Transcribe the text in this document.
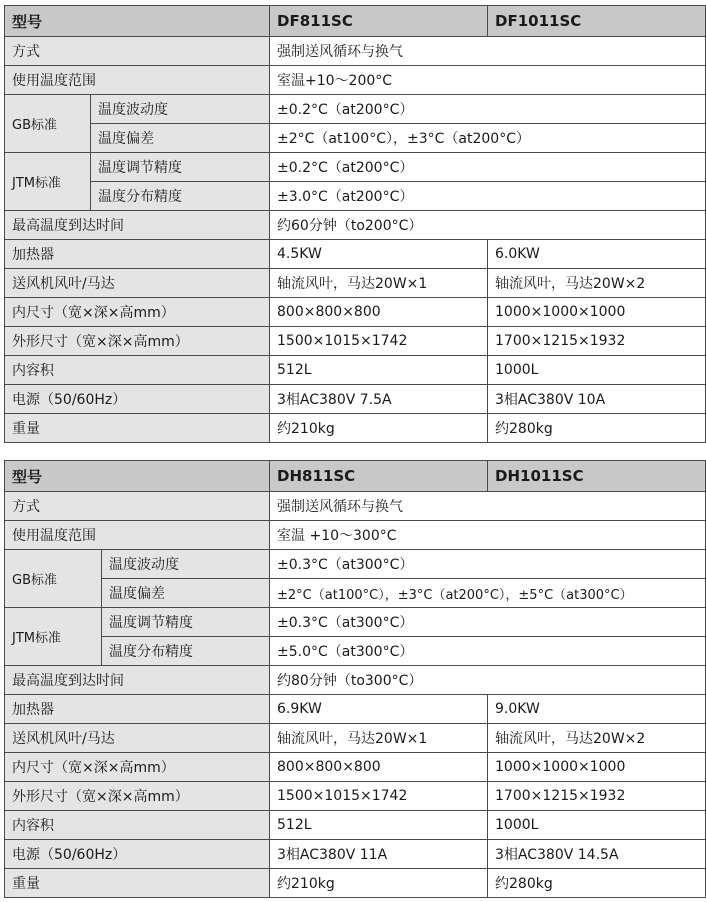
型号		DF811SC	DF1011SC
方式		强制送风循环与换气	
使用温度范围		室温+10～200°C	
GB标准	温度波动度	±0.2°C（at200°C）	
	温度偏差	±2°C（at100°C），±3°C（at200°C）	
JTM标准	温度调节精度	±0.2°C（at200°C）	
	温度分布精度	±3.0°C（at200°C）	
最高温度到达时间		约60分钟（to200°C）	
加热器		4.5KW	6.0KW
送风机风叶/马达		轴流风叶，马达20W×1	轴流风叶，马达20W×2
内尺寸（宽×深×高mm）		800×800×800	1000×1000×1000
外形尺寸（宽×深×高mm）		1500×1015×1742	1700×1215×1932
内容积		512L	1000L
电源（50/60Hz）		3相AC380V 7.5A	3相AC380V 10A
重量		约210kg	约280kg
型号		DH811SC	DH1011SC
方式		强制送风循环与换气	
使用温度范围		室温 +10～300°C	
GB标准	温度波动度	±0.3°C（at300°C）	
	温度偏差	±2°C（at100°C），±3°C（at200°C），±5°C（at300°C）	
JTM标准	温度调节精度	±0.3°C（at300°C）	
	温度分布精度	±5.0°C（at300°C）	
最高温度到达时间		约80分钟（to300°C）	
加热器		6.9KW	9.0KW
送风机风叶/马达		轴流风叶，马达20W×1	轴流风叶，马达20W×2
内尺寸（宽×深×高mm）		800×800×800	1000×1000×1000
外形尺寸（宽×深×高mm）		1500×1015×1742	1700×1215×1932
内容积		512L	1000L
电源（50/60Hz）		3相AC380V 11A	3相AC380V 14.5A
重量		约210kg	约280kg
